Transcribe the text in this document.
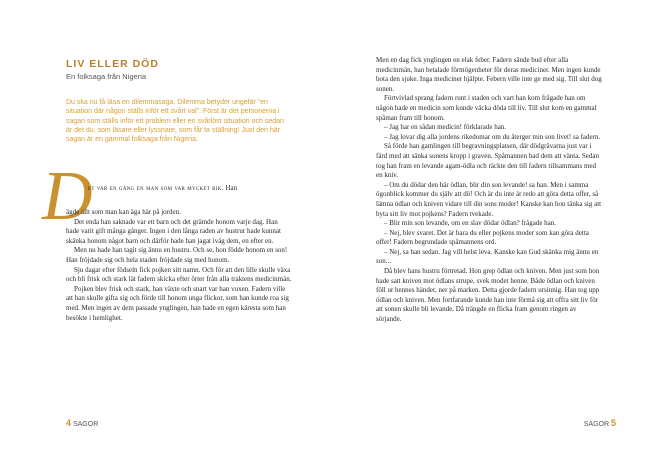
LIV ELLER DÖD

En folksaga från Nigeria

Du ska nu få läsa en dilemmasaga. Dilemma betyder ungefär ”en situation där någon ställs inför ett svårt val”. Först är det personerna i sagan som ställs inför ett problem eller en svårlöst situation och sedan är det du, som läsare eller lyssnare, som får ta ställning! Just den här sagan är en gammal folksaga från Nigeria.

D
et var en gång en man som var mycket rik. Han

ägde allt som man kan äga här på jorden.

Det enda han saknade var ett barn och det grämde honom varje dag. Han hade varit gift många gånger. Ingen i den långa raden av hustrur hade kunnat skänka honom något barn och därför hade han jagat iväg dem, en efter en.

Men nu hade han tagit sig ännu en hustru. Och se, hon födde honom en son! Han fröjdade sig och hela staden fröjdade sig med honom.

Sju dagar efter födseln fick pojken sitt namn. Och för att den lille skulle växa och bli frisk och stark lät fadern skicka efter örter från alla traktens medicinmän.

Pojken blev frisk och stark, han växte och snart var han vuxen. Fadern ville att han skulle gifta sig och förde till honom unga flickor, som han kunde roa sig med. Men ingen av dem passade ynglingen, han hade en egen käresta som han besökte i hemlighet.

4 SAGOR

Men en dag fick ynglingen en elak feber. Fadern sände bud efter alla medicinmän, han betalade förmögenheter för deras mediciner. Men ingen kunde bota den sjuke. Inga mediciner hjälpte. Febern ville inte ge med sig. Till slut dog sonen.

Förtvivlad sprang fadern runt i staden och vart han kom frågade han om någon hade en medicin som kunde väcka döda till liv. Till slut kom en gammal spåman fram till honom.

– Jag har en sådan medicin! förklarade han.

– Jag lovar dig alla jordens rikedomar om du återger min son livet! sa fadern.

Så förde han gamlingen till begravningsplatsen, där dödgrävarna just var i färd med att sänka sonens kropp i graven. Spåmannen bad dem att vänta. Sedan tog han fram en levande agam-ödla och räckte den till fadern tillsammans med en kniv.

– Om du dödar den här ödlan, blir din son levande! sa han. Men i samma ögonblick kommer du själv att dö! Och är du inte är redo att göra detta offer, så lämna ödlan och kniven vidare till din sons moder! Kanske kan hon tänka sig att byta sitt liv mot pojkens? Fadern tvekade.

– Blir min son levande, om en slav dödar ödlan? frågade han.

– Nej, blev svaret. Det är bara du eller pojkens moder som kan göra detta offer! Fadern begrundade spåmannens ord.

– Nej, sa han sedan. Jag vill helst leva. Kanske kan Gud skänka mig ännu en son...

Då blev hans hustru förtretad. Hon grep ödlan och kniven. Men just som hon hade satt kniven mot ödlans strupe, svek modet henne. Både ödlan och kniven föll ur hennes händer, ner på marken. Detta gjorde fadern ursinnig. Han tog upp ödlan och kniven. Men fortfarande kunde han inte förmå sig att offra sitt liv för att sonen skulle bli levande. Då trängde en flicka fram genom ringen av sörjande.

SAGOR 5
